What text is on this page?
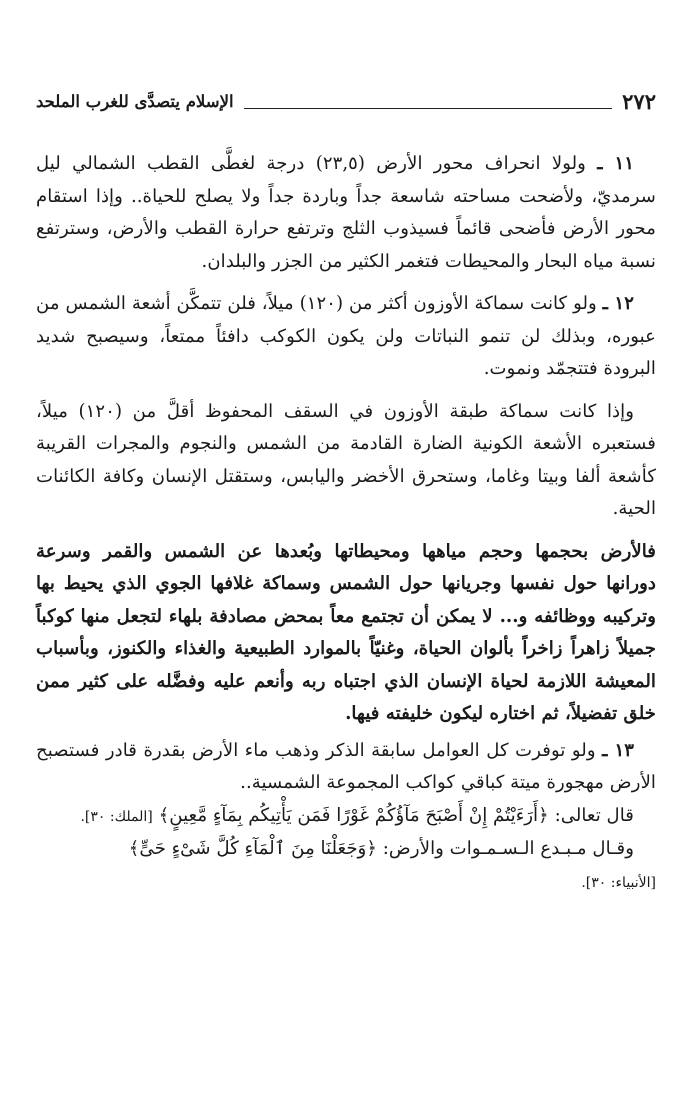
٢٧٢
الإسلام يتصدَّى للغرب الملحد

١١ ـ ولولا انحراف محور الأرض (٢٣,٥) درجة لغطَّى القطب الشمالي ليل سرمديّ، ولأضحت مساحته شاسعة جداً وباردة جداً ولا يصلح للحياة.. وإذا استقام محور الأرض فأضحى قائماً فسيذوب الثلج وترتفع حرارة القطب والأرض، وسترتفع نسبة مياه البحار والمحيطات فتغمر الكثير من الجزر والبلدان.

١٢ ـ ولو كانت سماكة الأوزون أكثر من (١٢٠) ميلاً، فلن تتمكَّن أشعة الشمس من عبوره، وبذلك لن تنمو النباتات ولن يكون الكوكب دافئاً ممتعاً، وسيصبح شديد البرودة فتتجمّد ونموت.

وإذا كانت سماكة طبقة الأوزون في السقف المحفوظ أقلَّ من (١٢٠) ميلاً، فستعبره الأشعة الكونية الضارة القادمة من الشمس والنجوم والمجرات القريبة كأشعة ألفا وبيتا وغاما، وستحرق الأخضر واليابس، وستقتل الإنسان وكافة الكائنات الحية.

فالأرض بحجمها وحجم مياهها ومحيطاتها وبُعدها عن الشمس والقمر وسرعة دورانها حول نفسها وجريانها حول الشمس وسماكة غلافها الجوي الذي يحيط بها وتركيبه ووظائفه و... لا يمكن أن تجتمع معاً بمحض مصادفة بلهاء لتجعل منها كوكباً جميلاً زاهراً زاخراً بألوان الحياة، وغنيّاً بالموارد الطبيعية والغذاء والكنوز، وبأسباب المعيشة اللازمة لحياة الإنسان الذي اجتباه ربه وأنعم عليه وفضَّله على كثير ممن خلق تفضيلاً، ثم اختاره ليكون خليفته فيها.

١٣ ـ ولو توفرت كل العوامل سابقة الذكر وذهب ماء الأرض بقدرة قادر فستصبح الأرض مهجورة ميتة كباقي كواكب المجموعة الشمسية..

قال تعالى: ﴿أَرَءَيْتُمْ إِنْ أَصْبَحَ مَآؤُكُمْ غَوْرًا فَمَن يَأْتِيكُم بِمَآءٍ مَّعِينٍ﴾ [الملك: ٣٠].

وقـال مـبـدع الـسـمـوات والأرض: ﴿وَجَعَلْنَا مِنَ ٱلْمَآءِ كُلَّ شَىْءٍ حَىٍّ﴾

[الأنبياء: ٣٠].
